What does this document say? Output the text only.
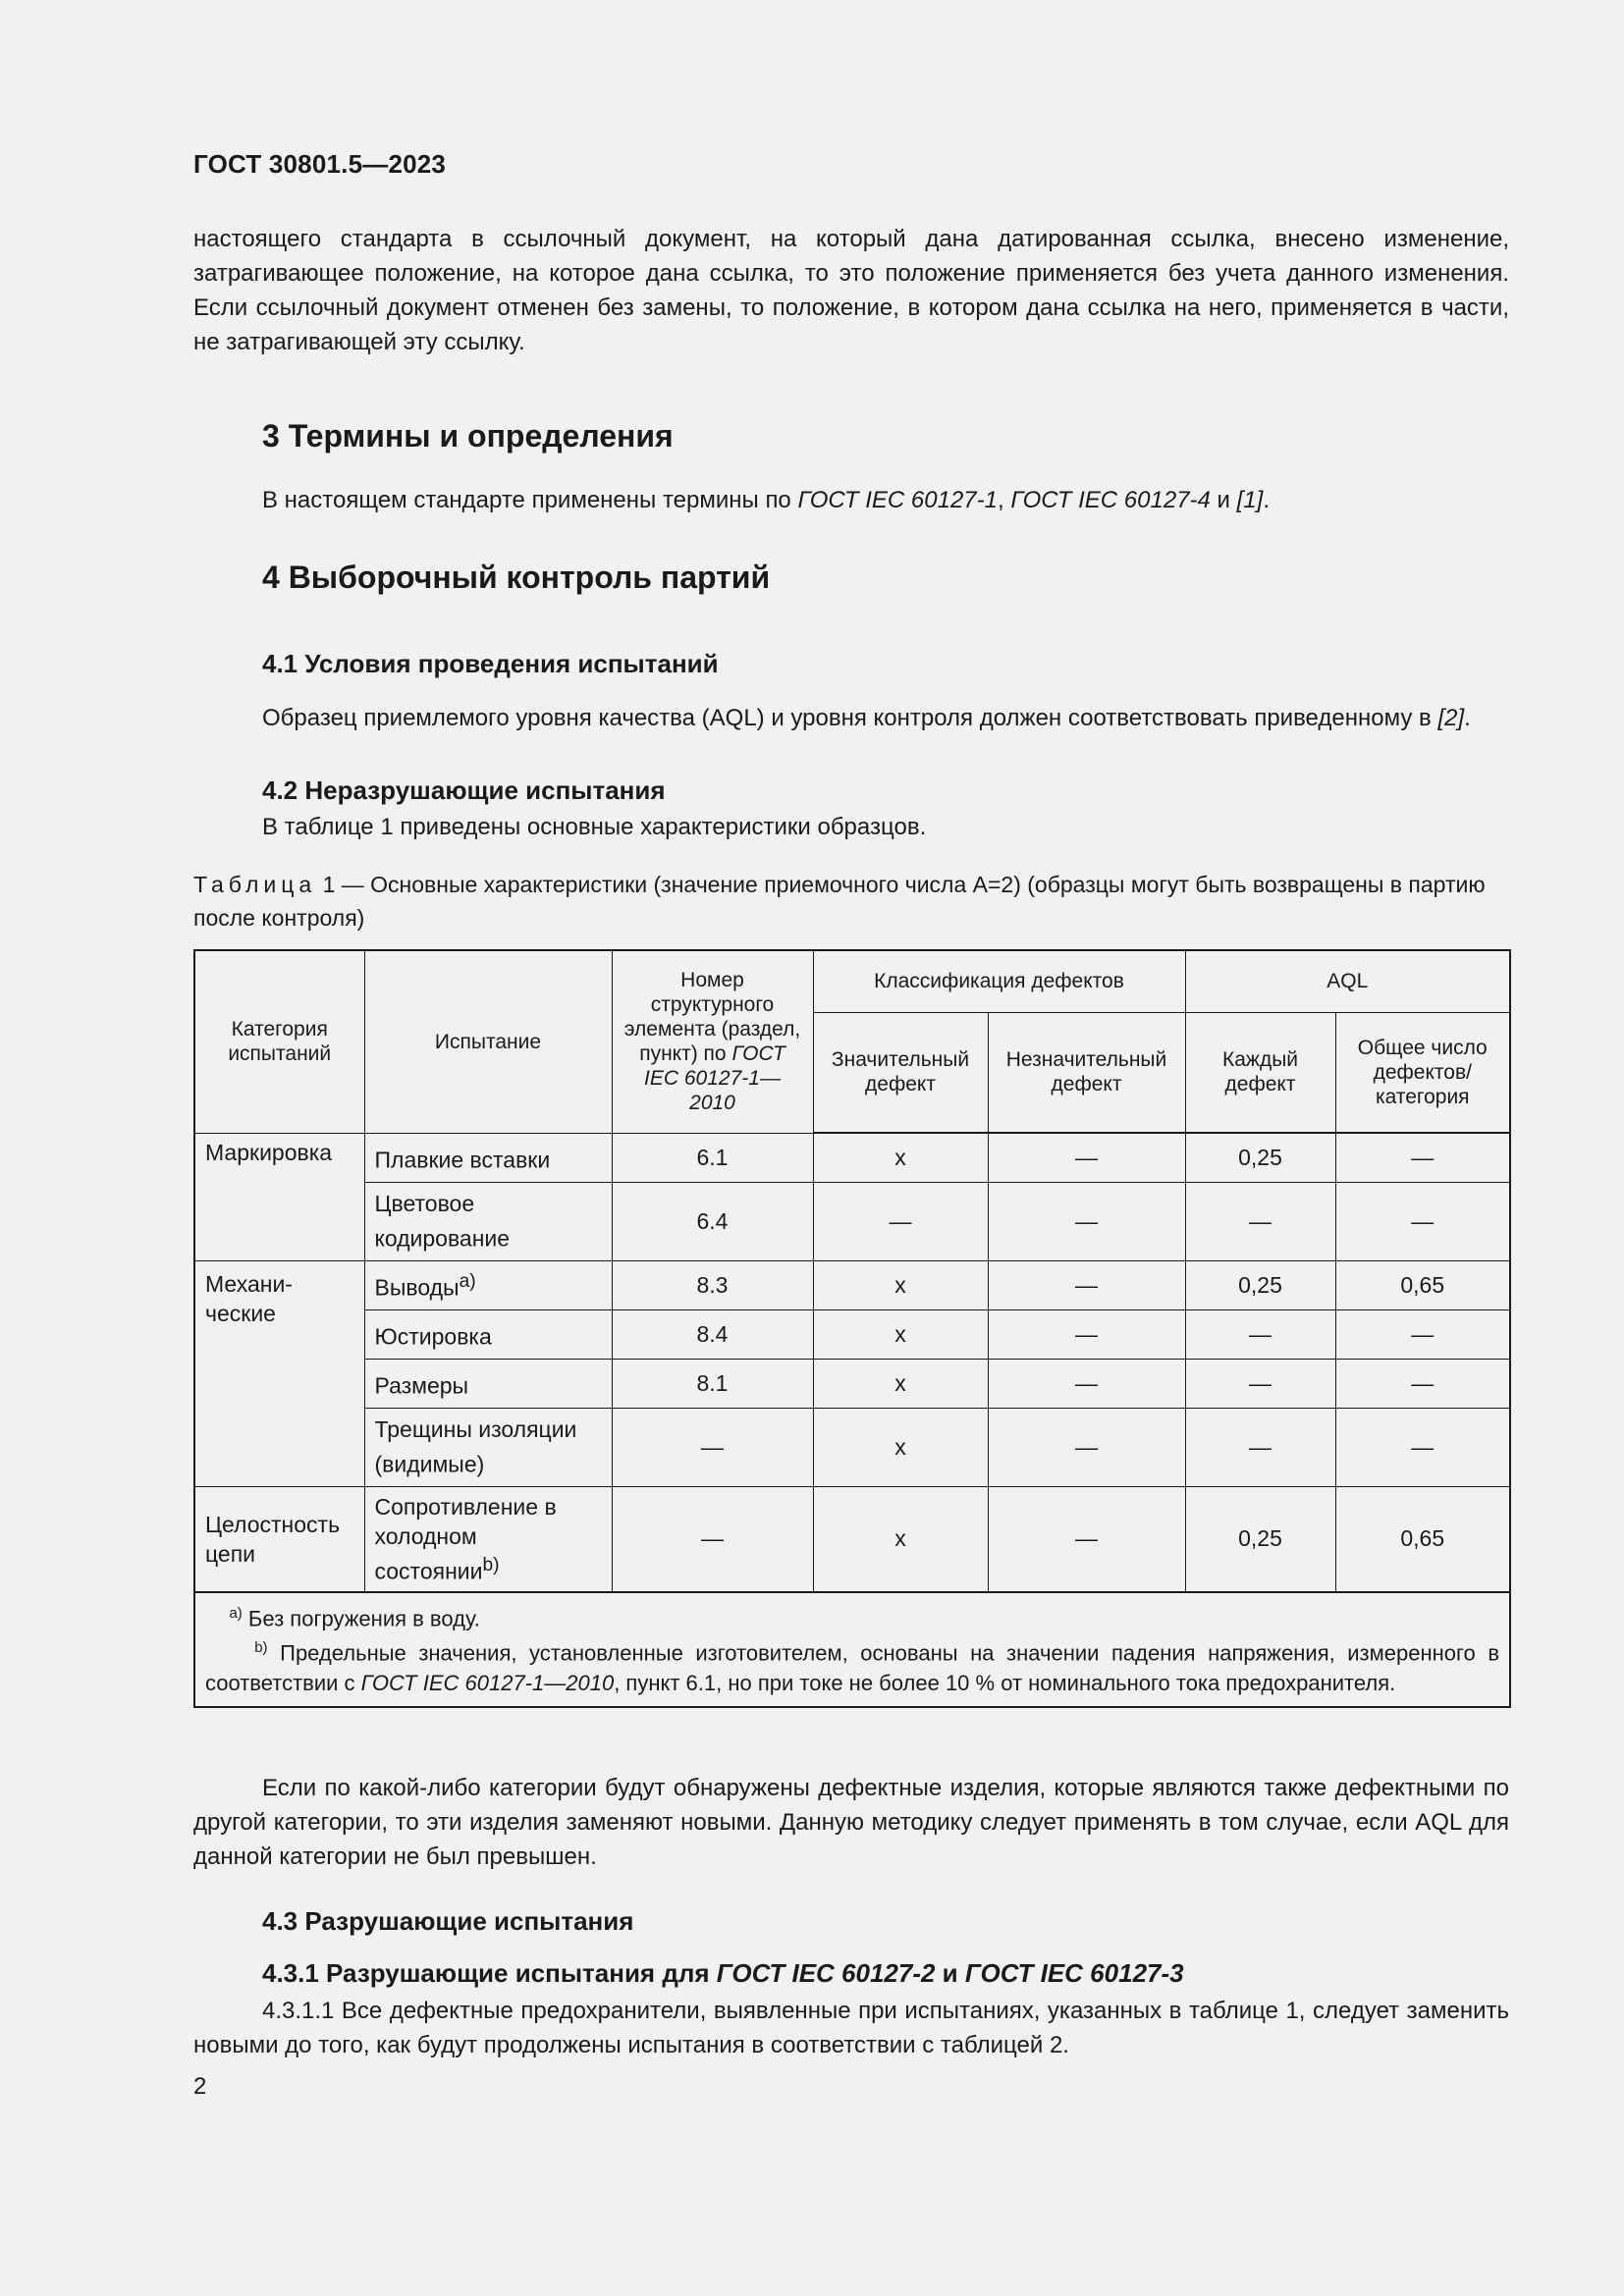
ГОСТ 30801.5—2023
настоящего стандарта в ссылочный документ, на который дана датированная ссылка, внесено изменение, затрагивающее положение, на которое дана ссылка, то это положение применяется без учета данного изменения. Если ссылочный документ отменен без замены, то положение, в котором дана ссылка на него, применяется в части, не затрагивающей эту ссылку.
3 Термины и определения
В настоящем стандарте применены термины по ГОСТ IEC 60127-1, ГОСТ IEC 60127-4 и [1].
4 Выборочный контроль партий
4.1 Условия проведения испытаний
Образец приемлемого уровня качества (AQL) и уровня контроля должен соответствовать приведенному в [2].
4.2 Неразрушающие испытания
В таблице 1 приведены основные характеристики образцов.
Таблица 1 — Основные характеристики (значение приемочного числа А=2) (образцы могут быть возвращены в партию после контроля)
Категория испытаний	Испытание	Номер структурного элемента (раздел, пункт) по ГОСТ IEC 60127-1—2010	Классификация дефектов		AQL	
			Значительный дефект	Незначительный дефект	Каждый дефект	Общее число дефектов/ категория
Маркировка	Плавкие вставки	6.1	x	—	0,25	—
	Цветовое кодирование	6.4	—	—	—	—
Механи-ческие	Выводы$^{a)}$	8.3	x	—	0,25	0,65
	Юстировка	8.4	x	—	—	—
	Размеры	8.1	x	—	—	—
	Трещины изоляции (видимые)	—	x	—	—	—
Целостность цепи	Сопротивление в холодном состоянии$^{b)}$	—	x	—	0,25	0,65

$^{a)}$ Без погружения в воду.
$^{b)}$ Предельные значения, установленные изготовителем, основаны на значении падения напряжения, измеренного в соответствии с ГОСТ IEC 60127-1—2010, пункт 6.1, но при токе не более 10 % от номинального тока предохранителя.						
Если по какой-либо категории будут обнаружены дефектные изделия, которые являются также дефектными по другой категории, то эти изделия заменяют новыми. Данную методику следует применять в том случае, если AQL для данной категории не был превышен.
4.3 Разрушающие испытания
4.3.1 Разрушающие испытания для ГОСТ IEC 60127-2 и ГОСТ IEC 60127-3
4.3.1.1 Все дефектные предохранители, выявленные при испытаниях, указанных в таблице 1, следует заменить новыми до того, как будут продолжены испытания в соответствии с таблицей 2.
2
